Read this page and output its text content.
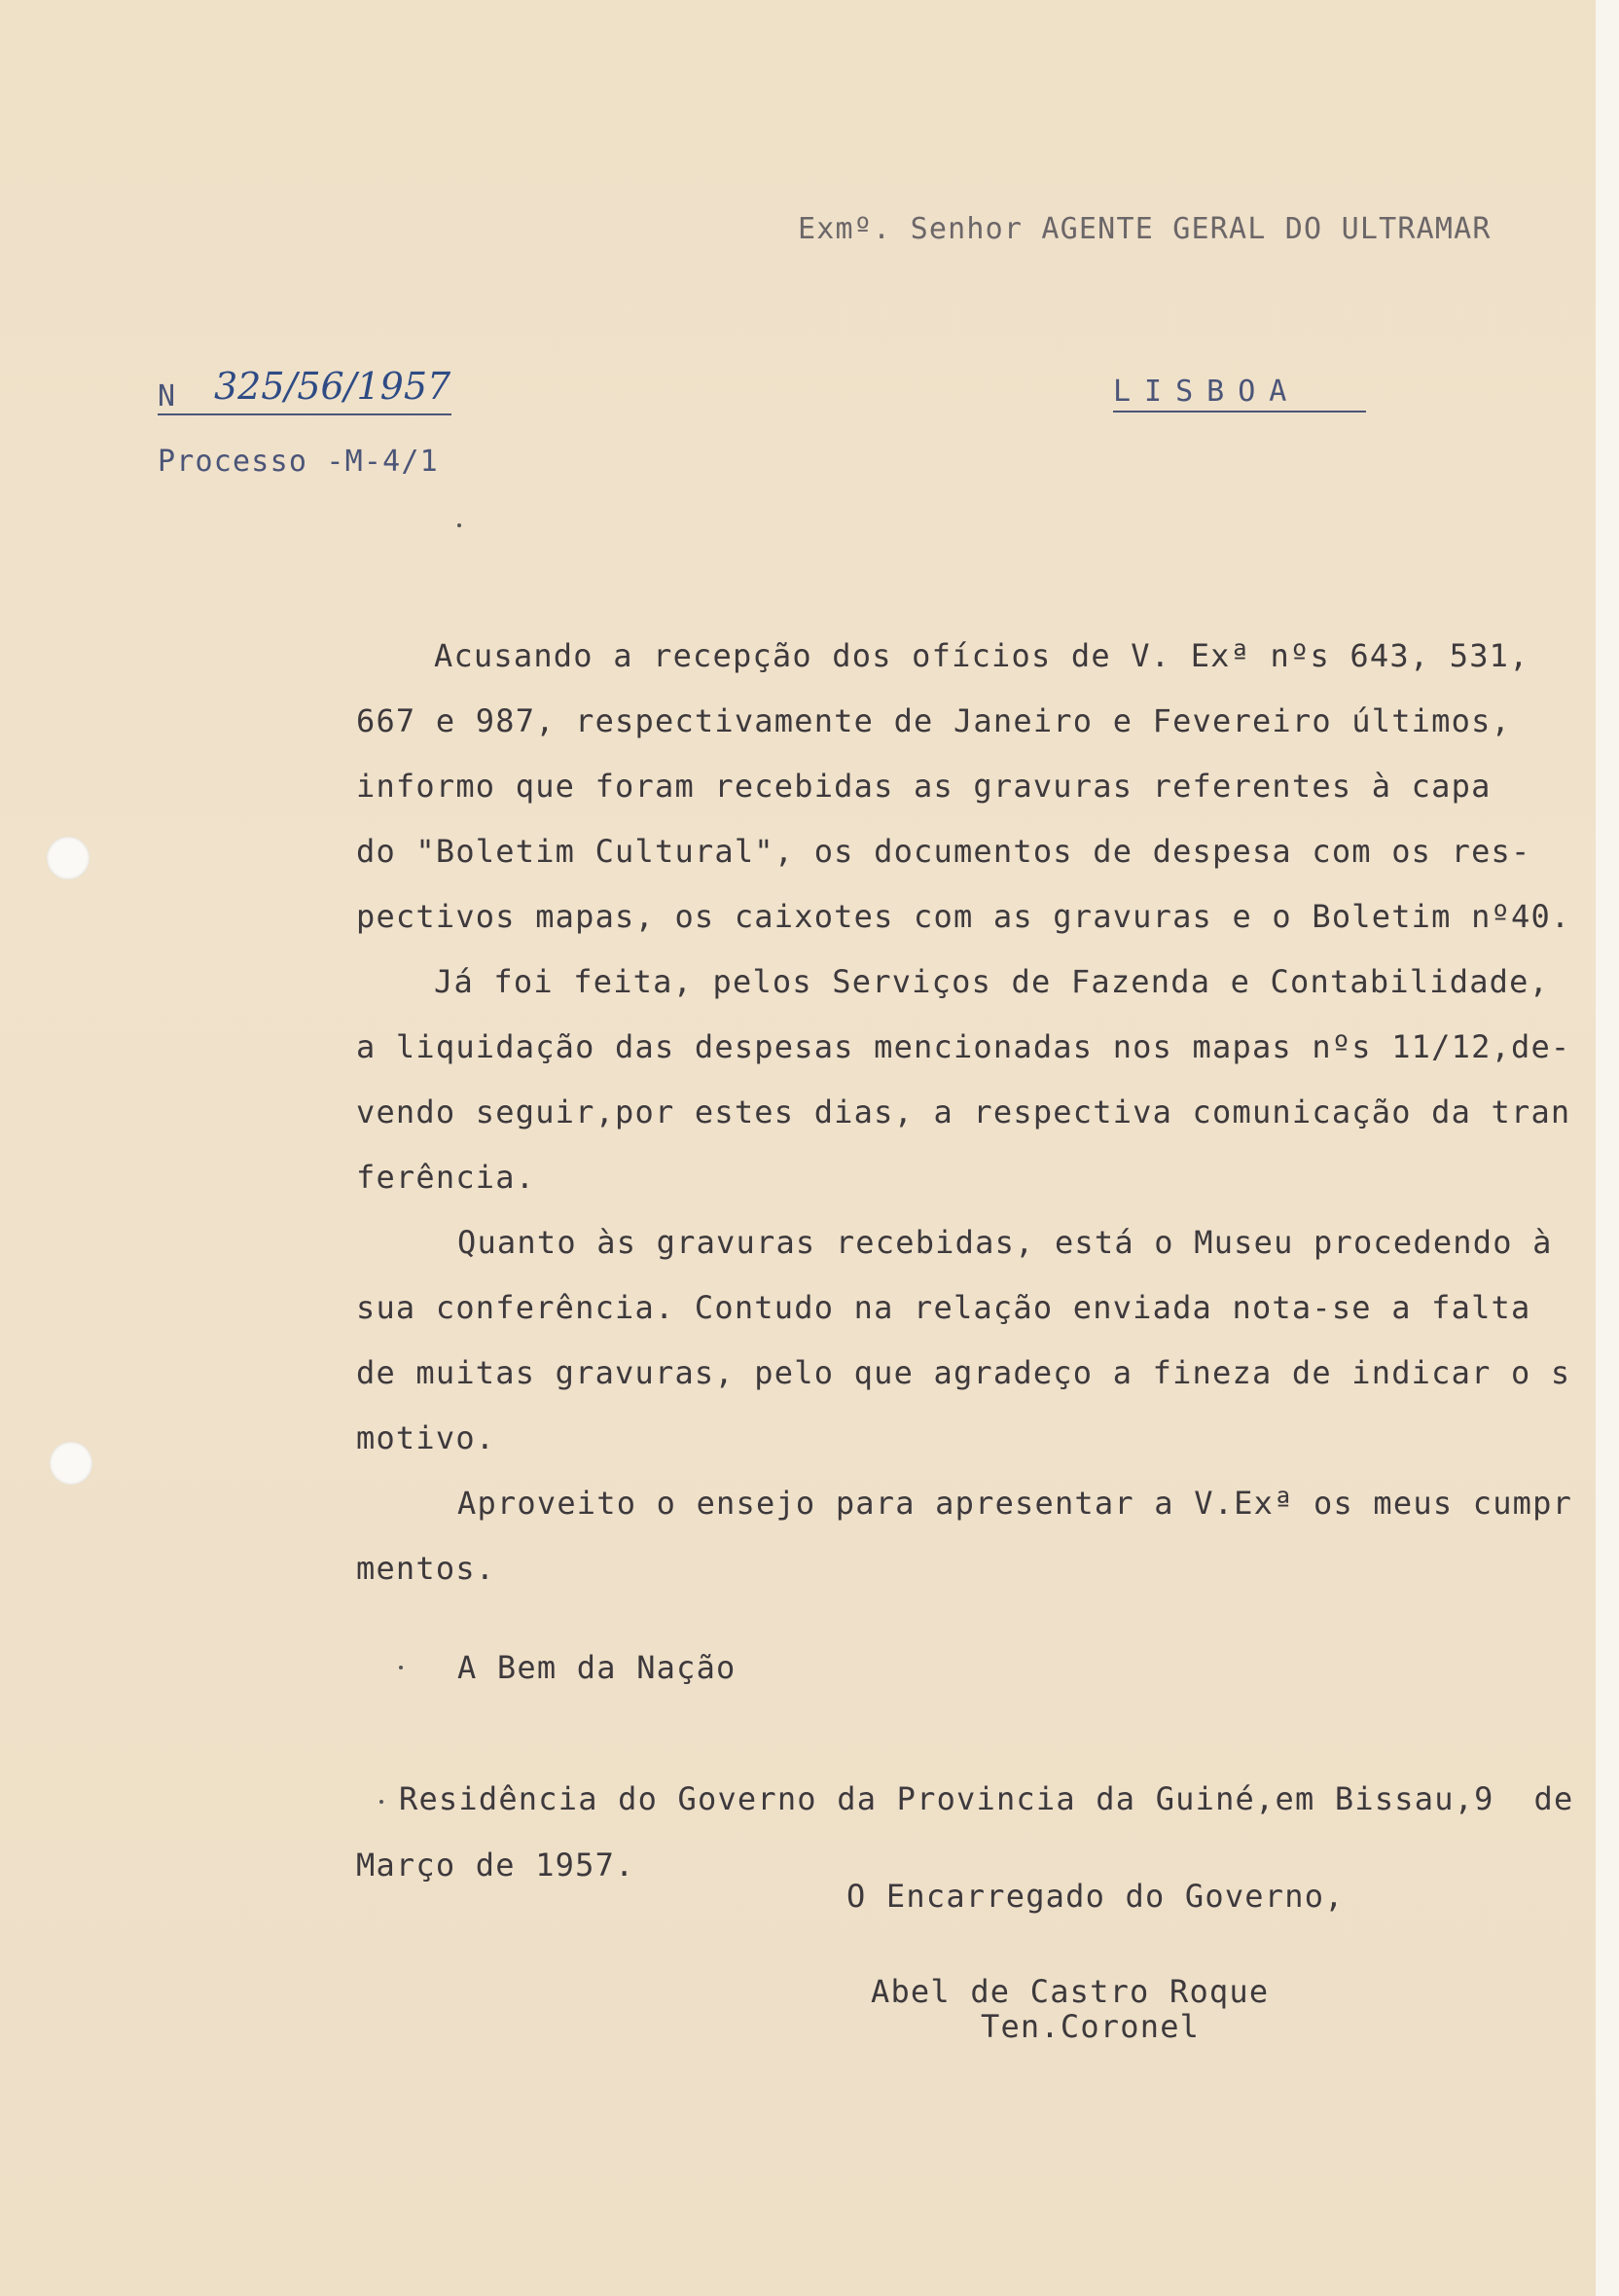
Exmº. Senhor AGENTE GERAL DO ULTRAMAR
N 325/56/1957	LISBOA
Processo -M-4/1
Acusando a recepção dos ofícios de V. Exª nºs 643, 531,
667 e 987, respectivamente de Janeiro e Fevereiro últimos,
informo que foram recebidas as gravuras referentes à capa
do "Boletim Cultural", os documentos de despesa com os res-
pectivos mapas, os caixotes com as gravuras e o Boletim nº40.
Já foi feita, pelos Serviços de Fazenda e Contabilidade,
a liquidação das despesas mencionadas nos mapas nºs 11/12,de-
vendo seguir,por estes dias, a respectiva comunicação da tran
ferência.
Quanto às gravuras recebidas, está o Museu procedendo à
sua conferência. Contudo na relação enviada nota-se a falta
de muitas gravuras, pelo que agradeço a fineza de indicar o s
motivo.
Aproveito o ensejo para apresentar a V.Exª os meus cumpr
mentos.
A Bem da Nação
Residência do Governo da Provincia da Guiné,em Bissau,9  de
Março de 1957.
O Encarregado do Governo,
Abel de Castro Roque
Ten.Coronel
